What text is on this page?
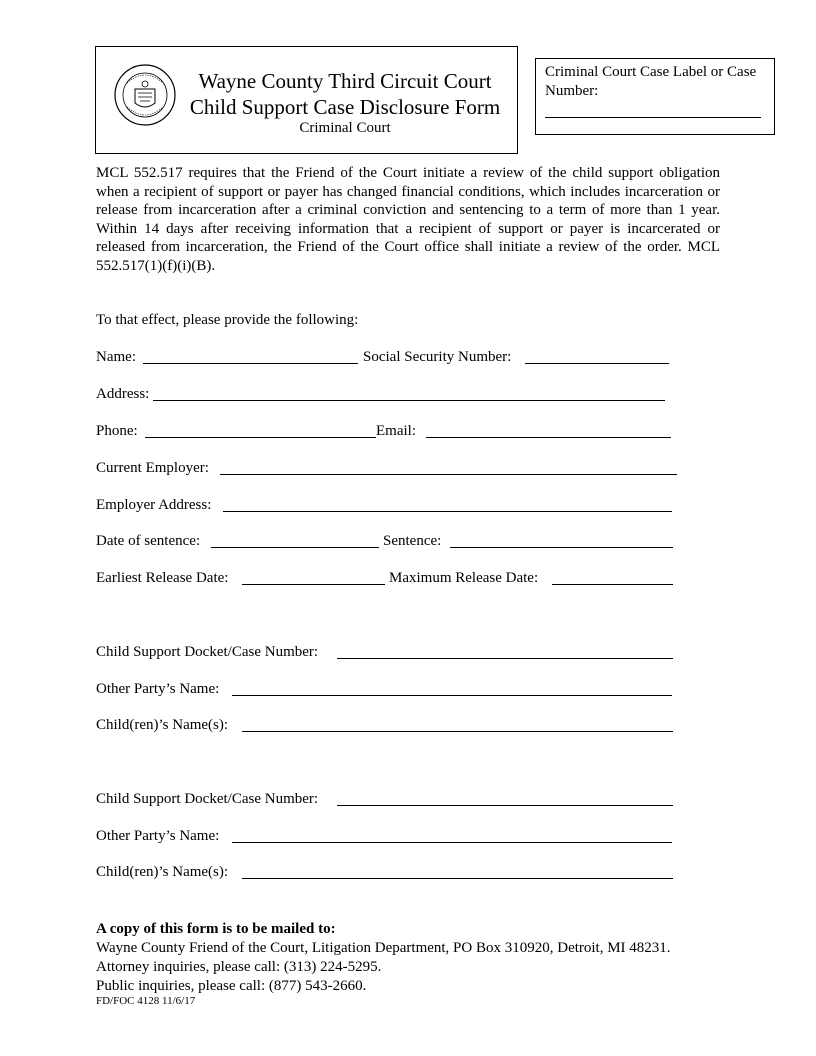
Wayne County Third Circuit Court
Child Support Case Disclosure Form
Criminal Court
Criminal Court Case Label or Case Number:
MCL 552.517 requires that the Friend of the Court initiate a review of the child support obligation when a recipient of support or payer has changed financial conditions, which includes incarceration or release from incarceration after a criminal conviction and sentencing to a term of more than 1 year. Within 14 days after receiving information that a recipient of support or payer is incarcerated or released from incarceration, the Friend of the Court office shall initiate a review of the order. MCL 552.517(1)(f)(i)(B).
To that effect, please provide the following:
Name:	Social Security Number:
Address:
Phone:	Email:
Current Employer:
Employer Address:
Date of sentence:	Sentence:
Earliest Release Date:	Maximum Release Date:
Child Support Docket/Case Number:
Other Party’s Name:
Child(ren)’s Name(s):
Child Support Docket/Case Number:
Other Party’s Name:
Child(ren)’s Name(s):
A copy of this form is to be mailed to:
Wayne County Friend of the Court, Litigation Department, PO Box 310920, Detroit, MI 48231.
Attorney inquiries, please call: (313) 224-5295.
Public inquiries, please call: (877) 543-2660.
FD/FOC 4128 11/6/17
